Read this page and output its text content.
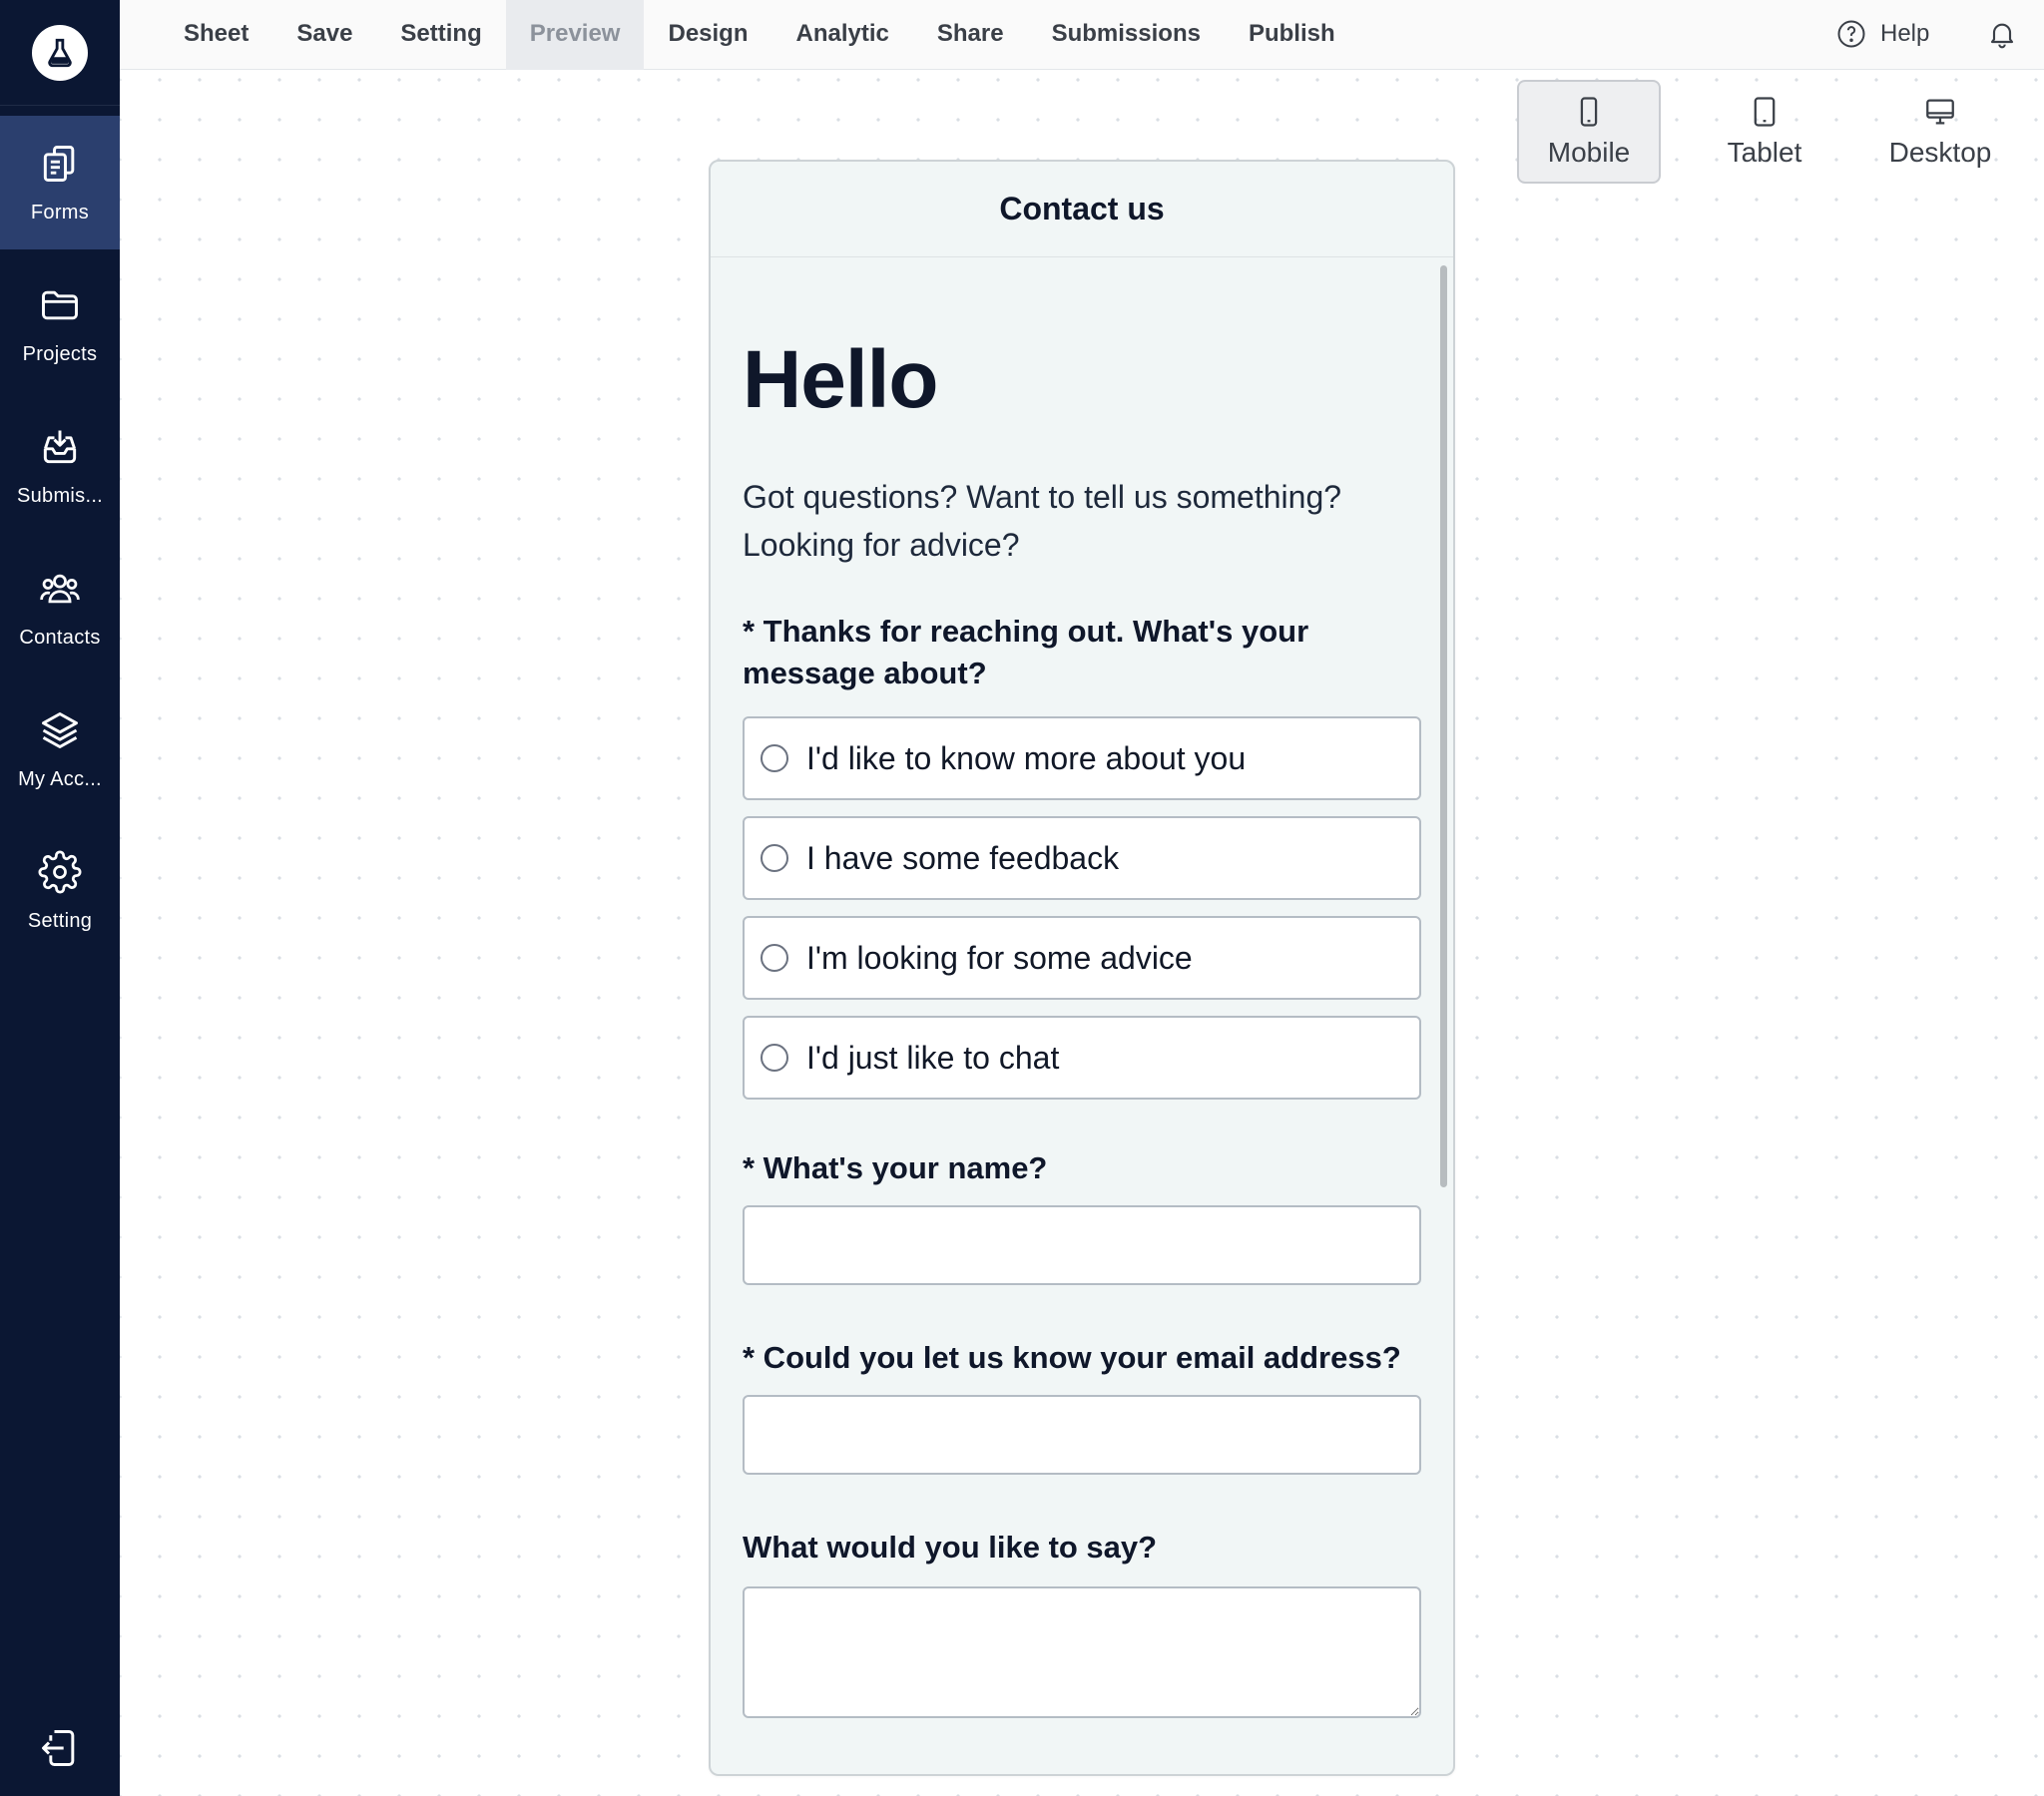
Forms
Projects
Submis...
Contacts
My Acc...
Setting
Sheet	Save	Setting	Preview	Design	Analytic	Share	Submissions	Publish	Help
Mobile	Tablet	Desktop
Contact us
Hello
Got questions? Want to tell us something?
Looking for advice?
* Thanks for reaching out. What's your message about?
I'd like to know more about you
I have some feedback
I'm looking for some advice
I'd just like to chat
* What's your name?
* Could you let us know your email address?
What would you like to say?
